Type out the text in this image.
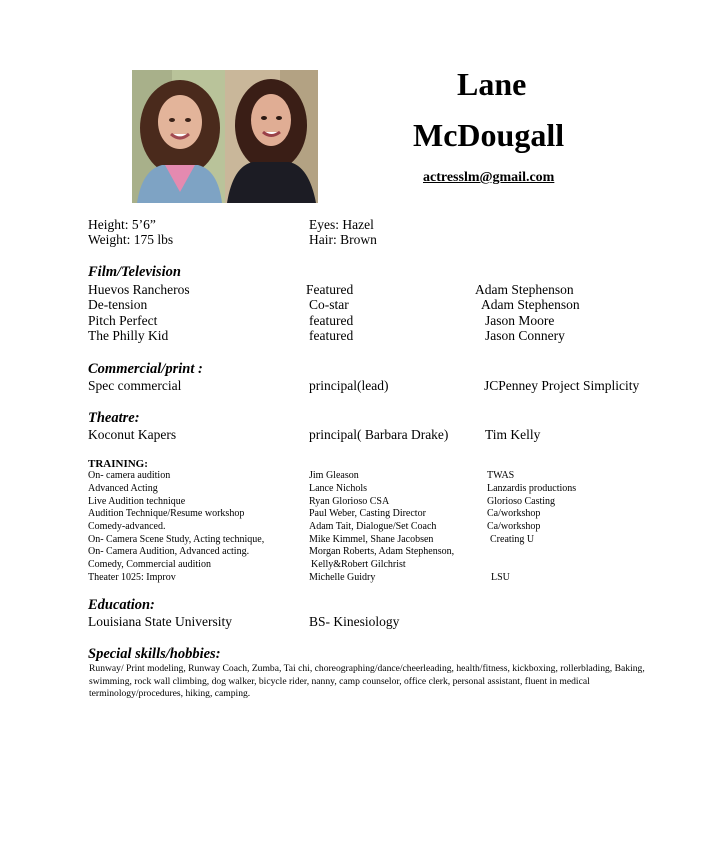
Lane
McDougall
actresslm@gmail.com
Height: 5’6”
Weight: 175 lbs
Eyes: Hazel
Hair: Brown
Film/Television
Huevos Rancheros	Featured	Adam Stephenson
De-tension	Co-star	Adam Stephenson
Pitch Perfect	featured	Jason Moore
The Philly Kid	featured	Jason Connery
Commercial/print :
Spec commercial	principal(lead)	JCPenney Project Simplicity
Theatre:
Koconut Kapers	principal( Barbara Drake)	Tim Kelly
TRAINING:
On- camera audition	Jim Gleason	TWAS
Advanced Acting	Lance Nichols	Lanzardis productions
Live Audition technique	Ryan Glorioso CSA	Glorioso Casting
Audition Technique/Resume workshop	Paul Weber, Casting Director	Ca/workshop
Comedy-advanced.	Adam Tait, Dialogue/Set Coach	Ca/workshop
On- Camera Scene Study, Acting technique,	Mike Kimmel, Shane Jacobsen	Creating U
On- Camera Audition, Advanced acting.	Morgan Roberts, Adam Stephenson,
Comedy, Commercial audition	Kelly&Robert Gilchrist
Theater 1025: Improv	Michelle Guidry	LSU
Education:
Louisiana State University	BS- Kinesiology
Special skills/hobbies:
Runway/ Print modeling, Runway Coach, Zumba, Tai chi, choreographing/dance/cheerleading, health/fitness, kickboxing, rollerblading, Baking, swimming, rock wall climbing, dog walker, bicycle rider, nanny, camp counselor, office clerk, personal assistant, fluent in medical terminology/procedures, hiking, camping.
